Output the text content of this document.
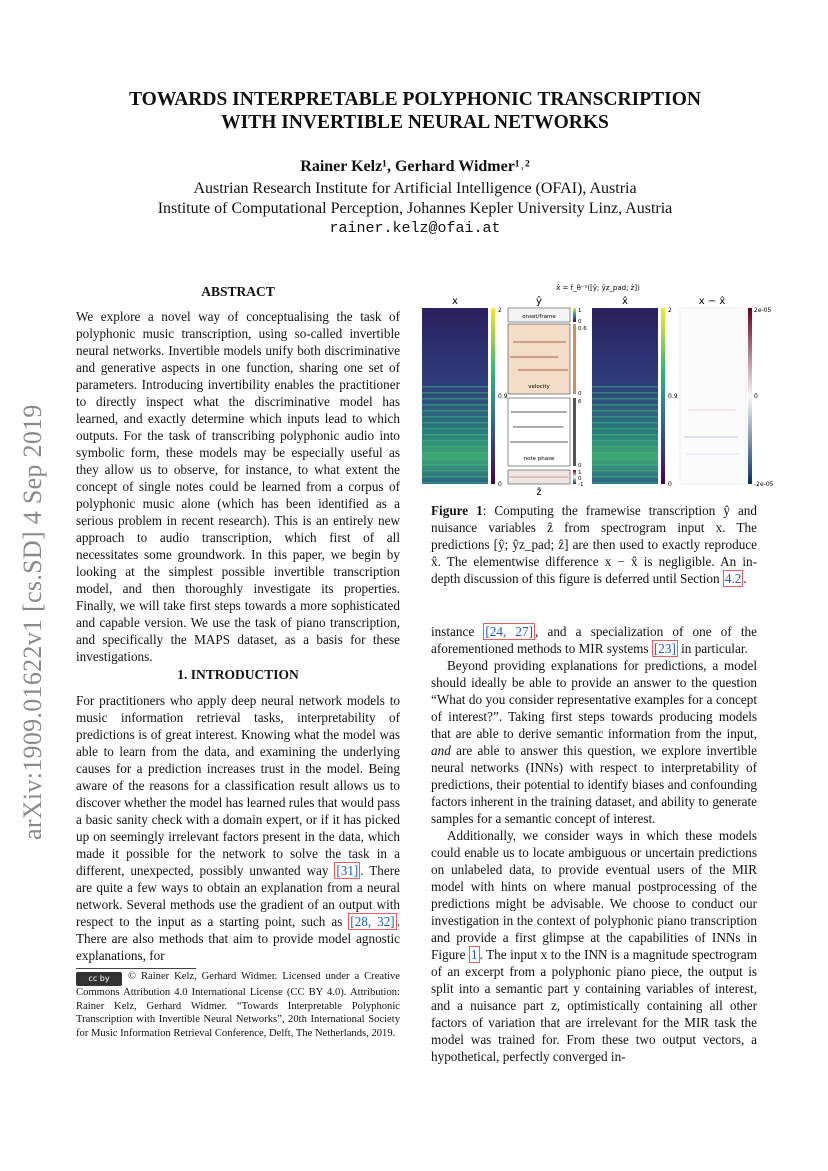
arXiv:1909.01622v1 [cs.SD] 4 Sep 2019
TOWARDS INTERPRETABLE POLYPHONIC TRANSCRIPTION
WITH INVERTIBLE NEURAL NETWORKS
Rainer Kelz¹, Gerhard Widmer¹˒²
Austrian Research Institute for Artificial Intelligence (OFAI), Austria
Institute of Computational Perception, Johannes Kepler University Linz, Austria
rainer.kelz@ofai.at
ABSTRACT

We explore a novel way of conceptualising the task of polyphonic music transcription, using so-called invertible neural networks. Invertible models unify both discriminative and generative aspects in one function, sharing one set of parameters. Introducing invertibility enables the practitioner to directly inspect what the discriminative model has learned, and exactly determine which inputs lead to which outputs. For the task of transcribing polyphonic audio into symbolic form, these models may be especially useful as they allow us to observe, for instance, to what extent the concept of single notes could be learned from a corpus of polyphonic music alone (which has been identified as a serious problem in recent research). This is an entirely new approach to audio transcription, which first of all necessitates some groundwork. In this paper, we begin by looking at the simplest possible invertible transcription model, and then thoroughly investigate its properties. Finally, we will take first steps towards a more sophisticated and capable version. We use the task of piano transcription, and specifically the MAPS dataset, as a basis for these investigations.

1. INTRODUCTION

For practitioners who apply deep neural network models to music information retrieval tasks, interpretability of predictions is of great interest. Knowing what the model was able to learn from the data, and examining the underlying causes for a prediction increases trust in the model. Being aware of the reasons for a classification result allows us to discover whether the model has learned rules that would pass a basic sanity check with a domain expert, or if it has picked up on seemingly irrelevant factors present in the data, which made it possible for the network to solve the task in a different, unexpected, possibly unwanted way [31] . There are quite a few ways to obtain an explanation from a neural network. Several methods use the gradient of an output with respect to the input as a starting point, such as [28, 32] . There are also methods that aim to provide model agnostic explanations, for

cc by © Rainer Kelz, Gerhard Widmer. Licensed under a Creative Commons Attribution 4.0 International License (CC BY 4.0). Attribution: Rainer Kelz, Gerhard Widmer. “Towards Interpretable Polyphonic Transcription with Invertible Neural Networks”, 20th International Society for Music Information Retrieval Conference, Delft, The Netherlands, 2019.
x̂ = f_θ⁻¹([ŷ; ŷz_pad; ẑ])
x	ŷ	x̂	x − x̂
2
0.9
0
onset/frame
velocity
note phase
1
0
0.6
0
6
0
1
0
-1
ẑ
2
0.9
0
2e-05
0
-2e-05
Figure 1: Computing the framewise transcription ŷ and nuisance variables ẑ from spectrogram input x. The predictions [ŷ; ŷz_pad; ẑ] are then used to exactly reproduce x̂. The elementwise difference x − x̂ is negligible. An in-depth discussion of this figure is deferred until Section 4.2 .

instance [24, 27] , and a specialization of one of the aforementioned methods to MIR systems [23] in particular.

Beyond providing explanations for predictions, a model should ideally be able to provide an answer to the question “What do you consider representative examples for a concept of interest?”. Taking first steps towards producing models that are able to derive semantic information from the input, and are able to answer this question, we explore invertible neural networks (INNs) with respect to interpretability of predictions, their potential to identify biases and confounding factors inherent in the training dataset, and ability to generate samples for a semantic concept of interest.

Additionally, we consider ways in which these models could enable us to locate ambiguous or uncertain predictions on unlabeled data, to provide eventual users of the MIR model with hints on where manual postprocessing of the predictions might be advisable. We choose to conduct our investigation in the context of polyphonic piano transcription and provide a first glimpse at the capabilities of INNs in Figure 1 . The input x to the INN is a magnitude spectrogram of an excerpt from a polyphonic piano piece, the output is split into a semantic part y containing variables of interest, and a nuisance part z, optimistically containing all other factors of variation that are irrelevant for the MIR task the model was trained for. From these two output vectors, a hypothetical, perfectly converged in-
